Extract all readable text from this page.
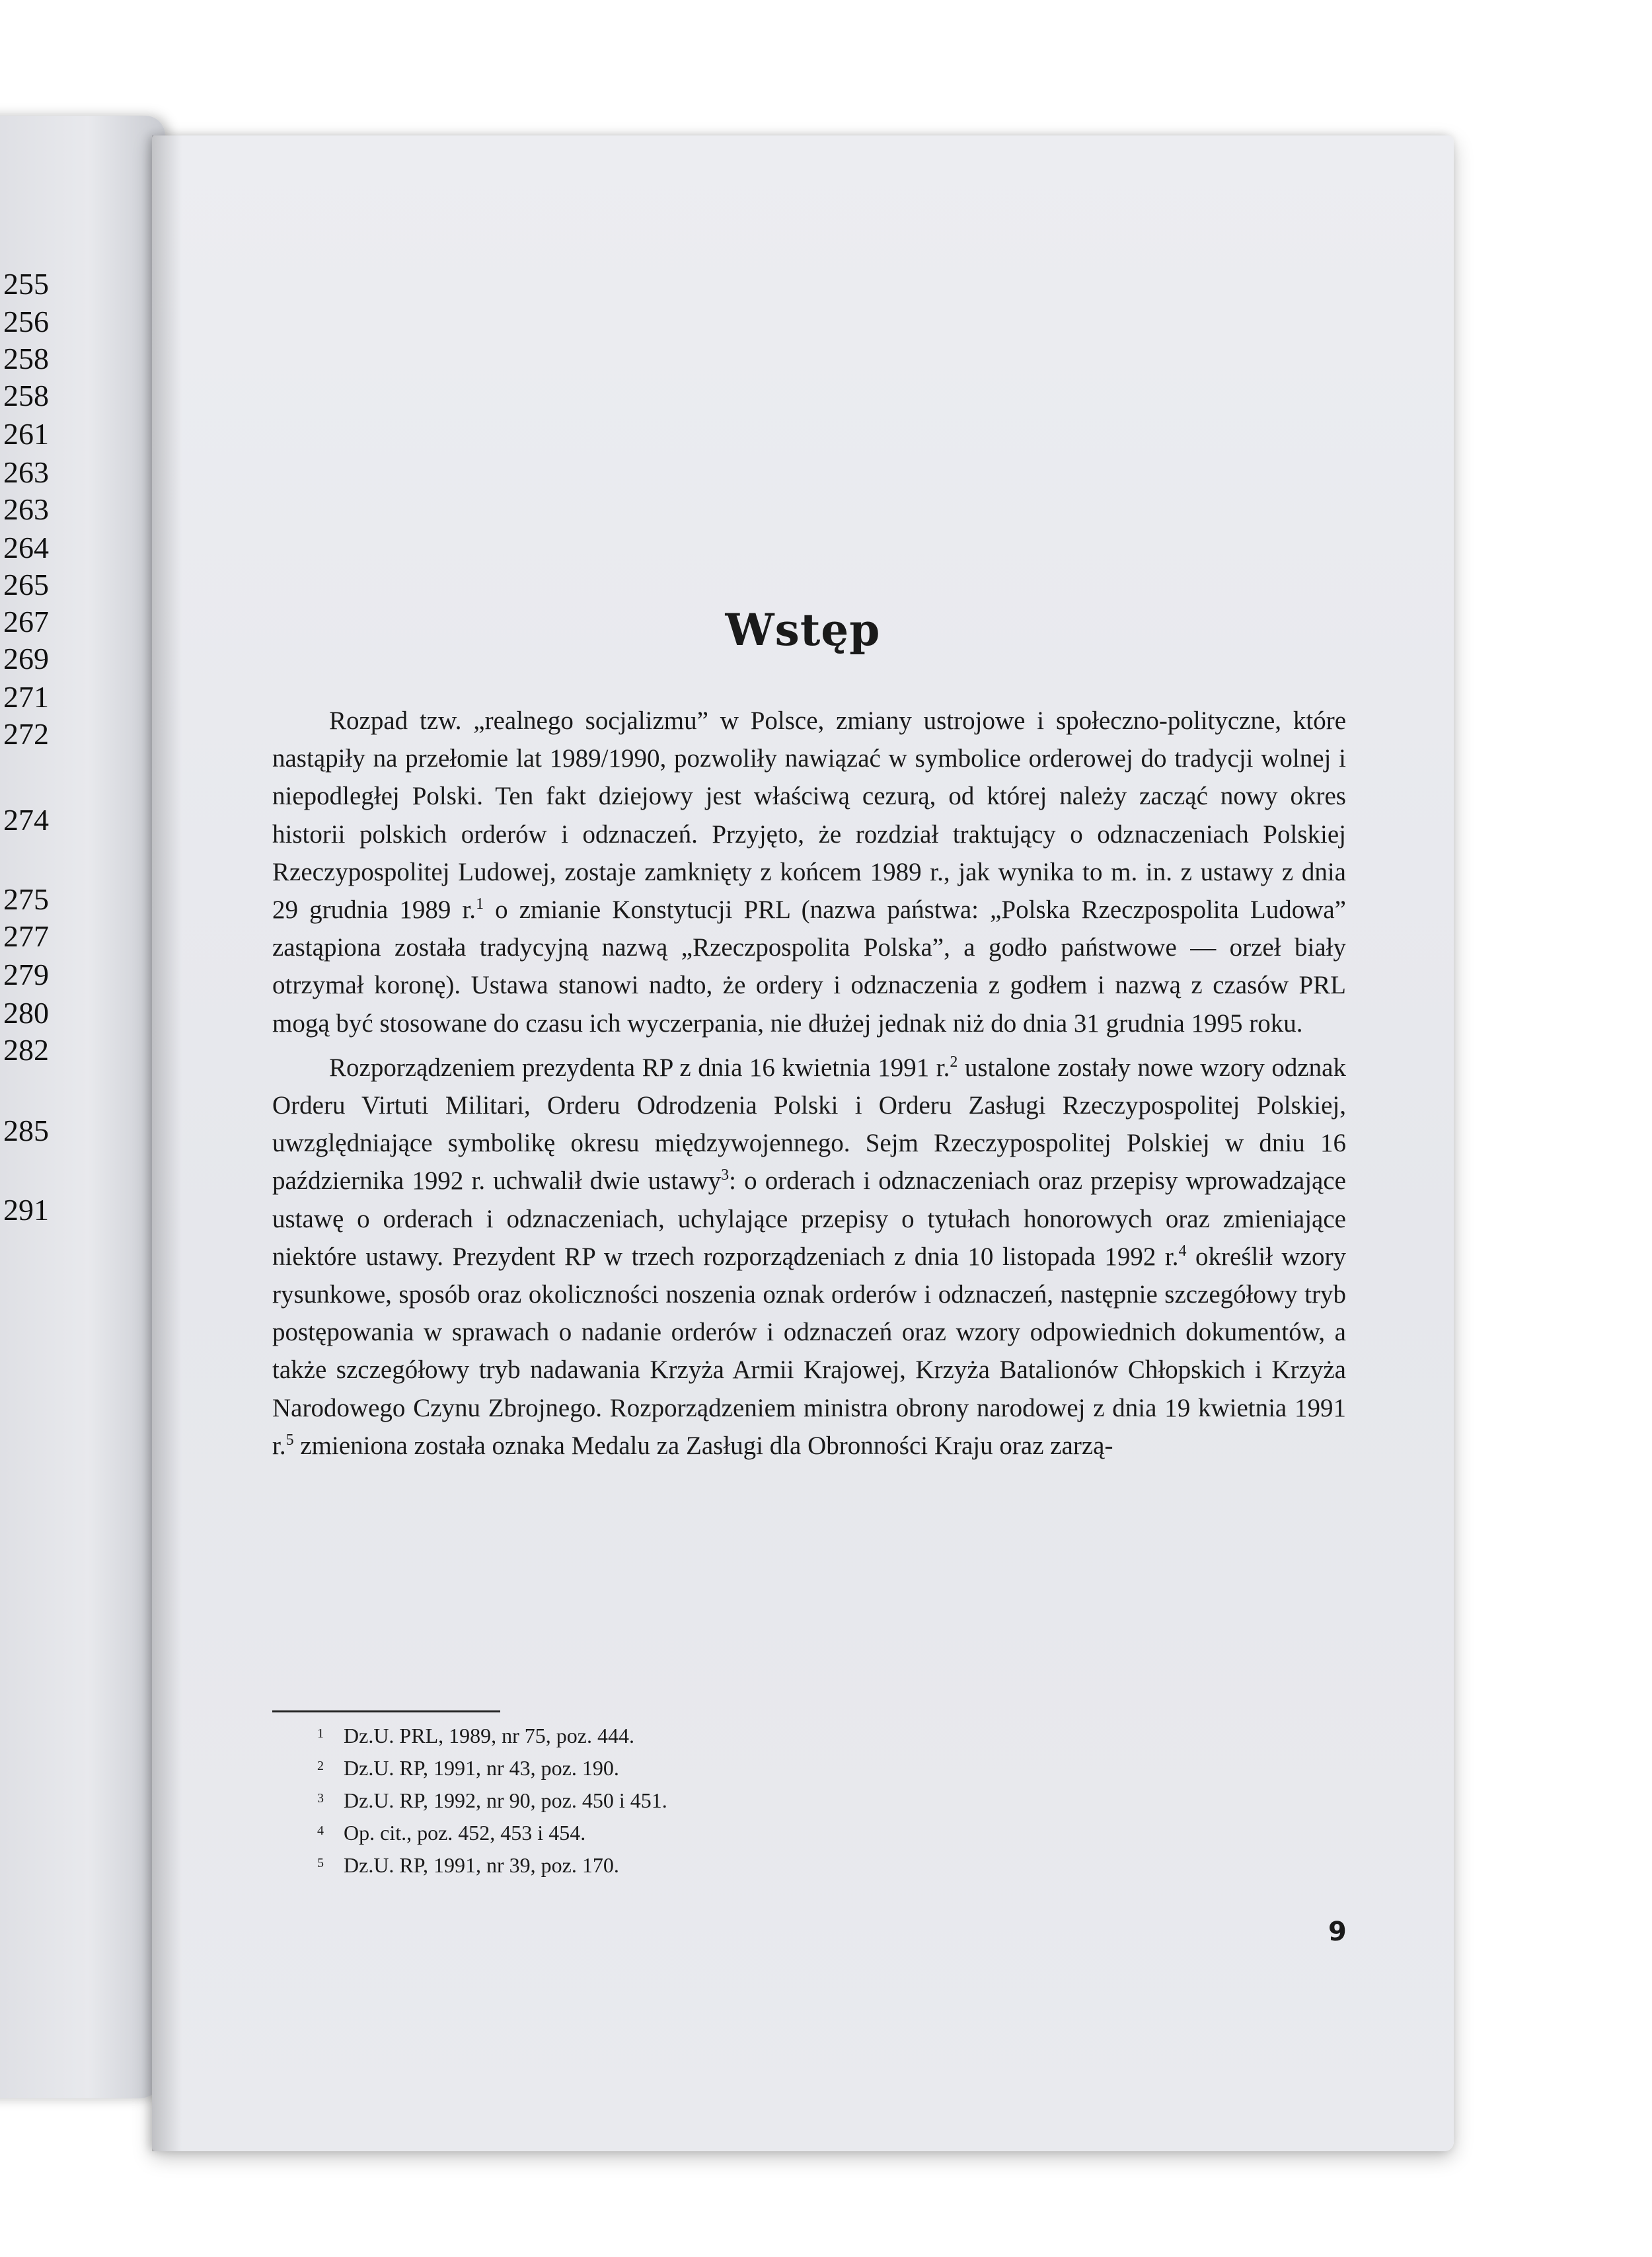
255
256
258
258
261
263
263
264
265
267
269
271
272
274
275
277
279
280
282
285
291
Wstęp

Rozpad tzw. „realnego socjalizmu” w Polsce, zmiany ustrojowe i społeczno-polityczne, które nastąpiły na przełomie lat 1989/1990, pozwoliły nawiązać w symbolice orderowej do tradycji wolnej i niepodległej Polski. Ten fakt dziejowy jest właściwą cezurą, od której należy zacząć nowy okres historii polskich orderów i odznaczeń. Przyjęto, że rozdział traktujący o odznaczeniach Polskiej Rzeczypospolitej Ludowej, zostaje zamknięty z końcem 1989 r., jak wynika to m. in. z ustawy z dnia 29 grudnia 1989 r.$^1$ o zmianie Konstytucji PRL (nazwa państwa: „Polska Rzeczpospolita Ludowa” zastąpiona została tradycyjną nazwą „Rzeczpospolita Polska”, a godło państwowe — orzeł biały otrzymał koronę). Ustawa stanowi nadto, że ordery i odznaczenia z godłem i nazwą z czasów PRL mogą być stosowane do czasu ich wyczerpania, nie dłużej jednak niż do dnia 31 grudnia 1995 roku.

Rozporządzeniem prezydenta RP z dnia 16 kwietnia 1991 r.$^2$ ustalone zostały nowe wzory odznak Orderu Virtuti Militari, Orderu Odrodzenia Polski i Orderu Zasługi Rzeczypospolitej Polskiej, uwzględniające symbolikę okresu międzywojennego. Sejm Rzeczypospolitej Polskiej w dniu 16 października 1992 r. uchwalił dwie ustawy$^3$: o orderach i odznaczeniach oraz przepisy wprowadzające ustawę o orderach i odznaczeniach, uchylające przepisy o tytułach honorowych oraz zmieniające niektóre ustawy. Prezydent RP w trzech rozporządzeniach z dnia 10 listopada 1992 r.$^4$ określił wzory rysunkowe, sposób oraz okoliczności noszenia oznak orderów i odznaczeń, następnie szczegółowy tryb postępowania w sprawach o nadanie orderów i odznaczeń oraz wzory odpowiednich dokumentów, a także szczegółowy tryb nadawania Krzyża Armii Krajowej, Krzyża Batalionów Chłopskich i Krzyża Narodowego Czynu Zbrojnego. Rozporządzeniem ministra obrony narodowej z dnia 19 kwietnia 1991 r.$^5$ zmieniona została oznaka Medalu za Zasługi dla Obronności Kraju oraz zarzą-

1 Dz.U. PRL, 1989, nr 75, poz. 444.
2 Dz.U. RP, 1991, nr 43, poz. 190.
3 Dz.U. RP, 1992, nr 90, poz. 450 i 451.
4 Op. cit., poz. 452, 453 i 454.
5 Dz.U. RP, 1991, nr 39, poz. 170.
9
